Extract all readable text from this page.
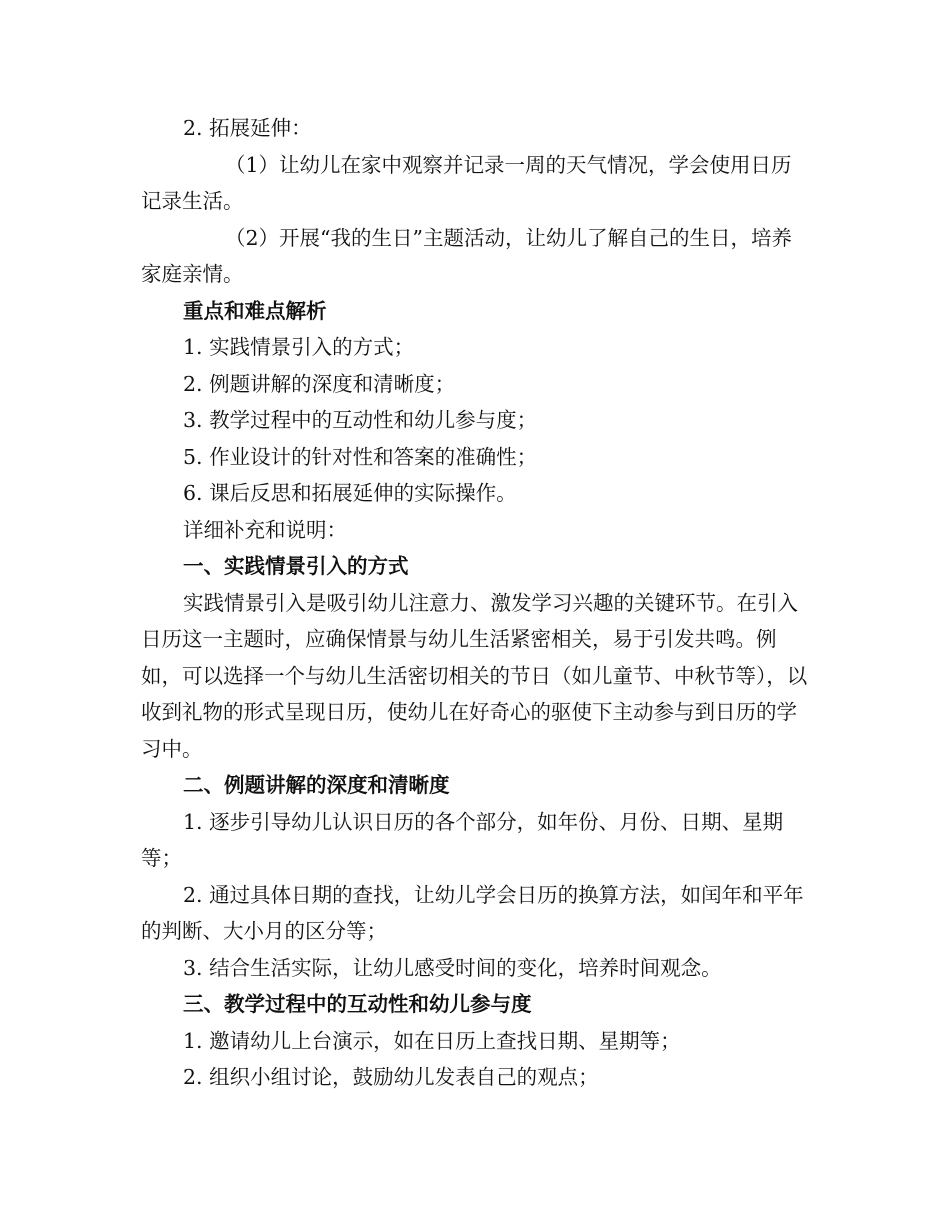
2. 拓展延伸：

（1）让幼儿在家中观察并记录一周的天气情况，学会使用日历记录生活。

（2）开展“我的生日”主题活动，让幼儿了解自己的生日，培养家庭亲情。

重点和难点解析

1. 实践情景引入的方式；

2. 例题讲解的深度和清晰度；

3. 教学过程中的互动性和幼儿参与度；

5. 作业设计的针对性和答案的准确性；

6. 课后反思和拓展延伸的实际操作。

详细补充和说明：

一、实践情景引入的方式

实践情景引入是吸引幼儿注意力、激发学习兴趣的关键环节。在引入日历这一主题时，应确保情景与幼儿生活紧密相关，易于引发共鸣。例如，可以选择一个与幼儿生活密切相关的节日（如儿童节、中秋节等），以收到礼物的形式呈现日历，使幼儿在好奇心的驱使下主动参与到日历的学习中。

二、例题讲解的深度和清晰度

1. 逐步引导幼儿认识日历的各个部分，如年份、月份、日期、星期等；

2. 通过具体日期的查找，让幼儿学会日历的换算方法，如闰年和平年的判断、大小月的区分等；

3. 结合生活实际，让幼儿感受时间的变化，培养时间观念。

三、教学过程中的互动性和幼儿参与度

1. 邀请幼儿上台演示，如在日历上查找日期、星期等；

2. 组织小组讨论，鼓励幼儿发表自己的观点；
